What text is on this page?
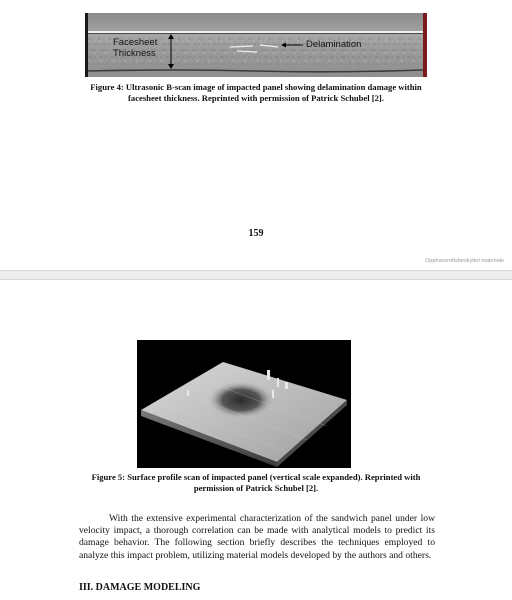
Facesheet
Thickness
Delamination
Figure 4: Ultrasonic B-scan image of impacted panel showing delamination damage within
facesheet thickness. Reprinted with permission of Patrick Schubel [2].
159
Opphavsrettsbeskyttet materiale
Figure 5: Surface profile scan of impacted panel (vertical scale expanded). Reprinted with
permission of Patrick Schubel [2].

With the extensive experimental characterization of the sandwich panel under low velocity impact, a thorough correlation can be made with analytical models to predict its damage behavior. The following section briefly describes the techniques employed to analyze this impact problem, utilizing material models developed by the authors and others.

III. DAMAGE MODELING
